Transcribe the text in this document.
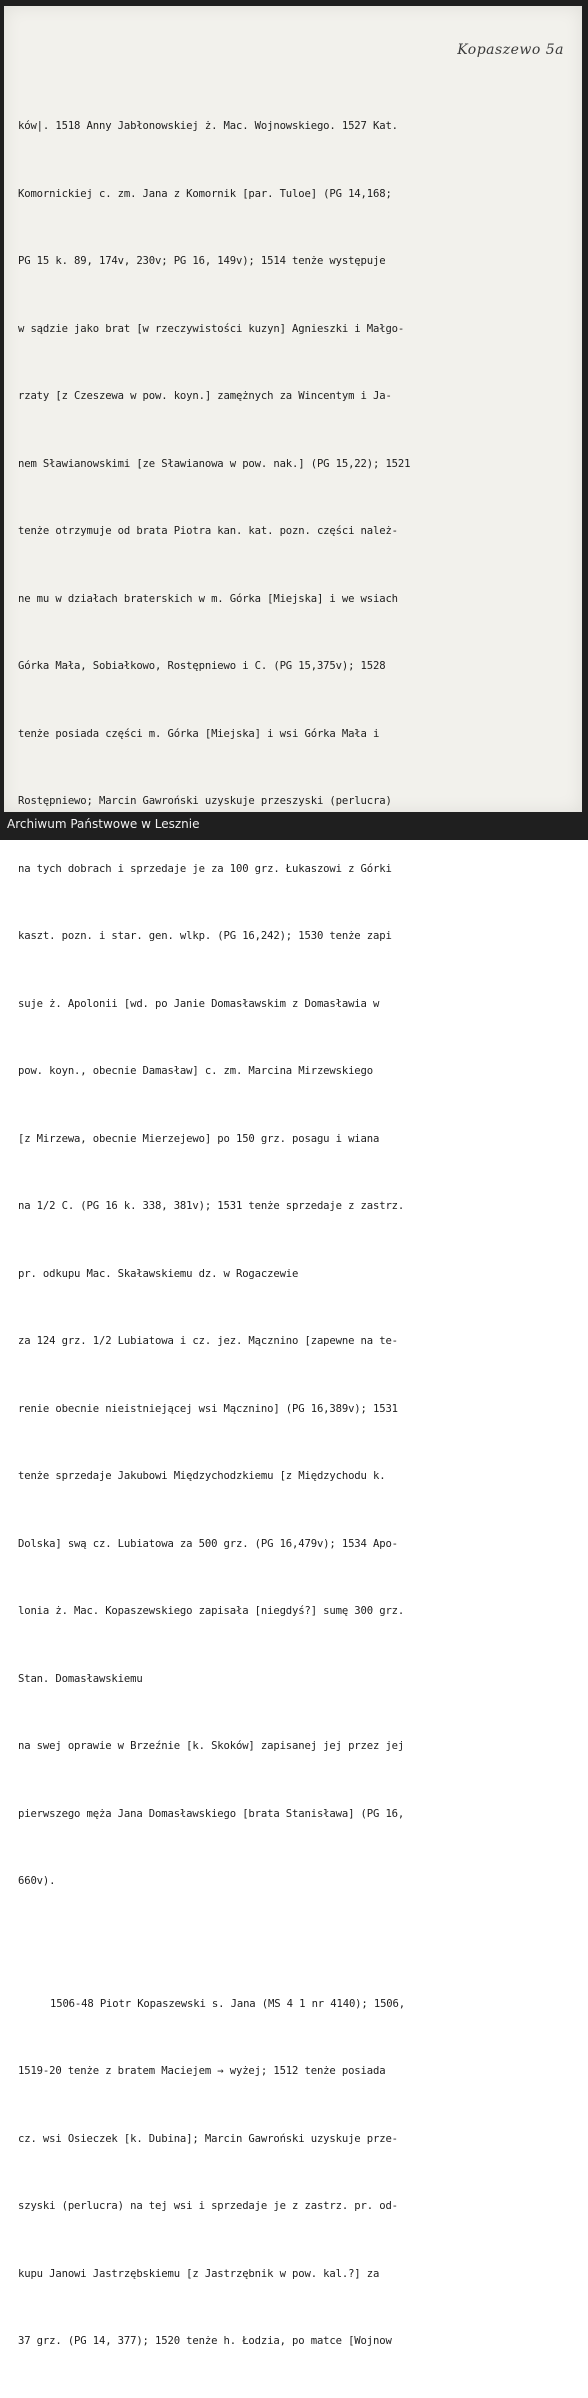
Kopaszewo 5a

ków|. 1518 Anny Jabłonowskiej ż. Mac. Wojnowskiego. 1527 Kat.

Komornickiej c. zm. Jana z Komornik [par. Tuloe] (PG 14,168;

PG 15 k. 89, 174v, 230v; PG 16, 149v); 1514 tenże występuje

w sądzie jako brat [w rzeczywistości kuzyn] Agnieszki i Małgo-

rzaty [z Czeszewa w pow. koyn.] zamężnych za Wincentym i Ja-

nem Sławianowskimi [ze Sławianowa w pow. nak.] (PG 15,22); 1521

tenże otrzymuje od brata Piotra kan. kat. pozn. części należ-

ne mu w działach braterskich w m. Górka [Miejska] i we wsiach

Górka Mała, Sobiałkowo, Rostępniewo i C. (PG 15,375v); 1528

tenże posiada części m. Górka [Miejska] i wsi Górka Mała i

Rostępniewo; Marcin Gawroński uzyskuje przeszyski (perlucra)

na tych dobrach i sprzedaje je za 100 grz. Łukaszowi z Górki

kaszt. pozn. i star. gen. wlkp. (PG 16,242); 1530 tenże zapi

suje ż. Apolonii [wd. po Janie Domasławskim z Domasławia w

pow. koyn., obecnie Damasław] c. zm. Marcina Mirzewskiego

[z Mirzewa, obecnie Mierzejewo] po 150 grz. posagu i wiana

na 1/2 C. (PG 16 k. 338, 381v); 1531 tenże sprzedaje z zastrz.

pr. odkupu Mac. Skaławskiemu dz. w Rogaczewie

za 124 grz. 1/2 Lubiatowa i cz. jez. Mącznino [zapewne na te-

renie obecnie nieistniejącej wsi Mącznino] (PG 16,389v); 1531

tenże sprzedaje Jakubowi Międzychodzkiemu [z Międzychodu k.

Dolska] swą cz. Lubiatowa za 500 grz. (PG 16,479v); 1534 Apo-

lonia ż. Mac. Kopaszewskiego zapisała [niegdyś?] sumę 300 grz.

Stan. Domasławskiemu

na swej oprawie w Brzeźnie [k. Skoków] zapisanej jej przez jej

pierwszego męża Jana Domasławskiego [brata Stanisława] (PG 16,

660v).

1506-48 Piotr Kopaszewski s. Jana (MS 4 1 nr 4140); 1506,

1519-20 tenże z bratem Maciejem → wyżej; 1512 tenże posiada

cz. wsi Osieczek [k. Dubina]; Marcin Gawroński uzyskuje prze-

szyski (perlucra) na tej wsi i sprzedaje je z zastrz. pr. od-

kupu Janowi Jastrzębskiemu [z Jastrzębnik w pow. kal.?] za

37 grz. (PG 14, 377); 1520 tenże h. Łodzia, po matce [Wojnow

Archiwum Państwowe w Lesznie
